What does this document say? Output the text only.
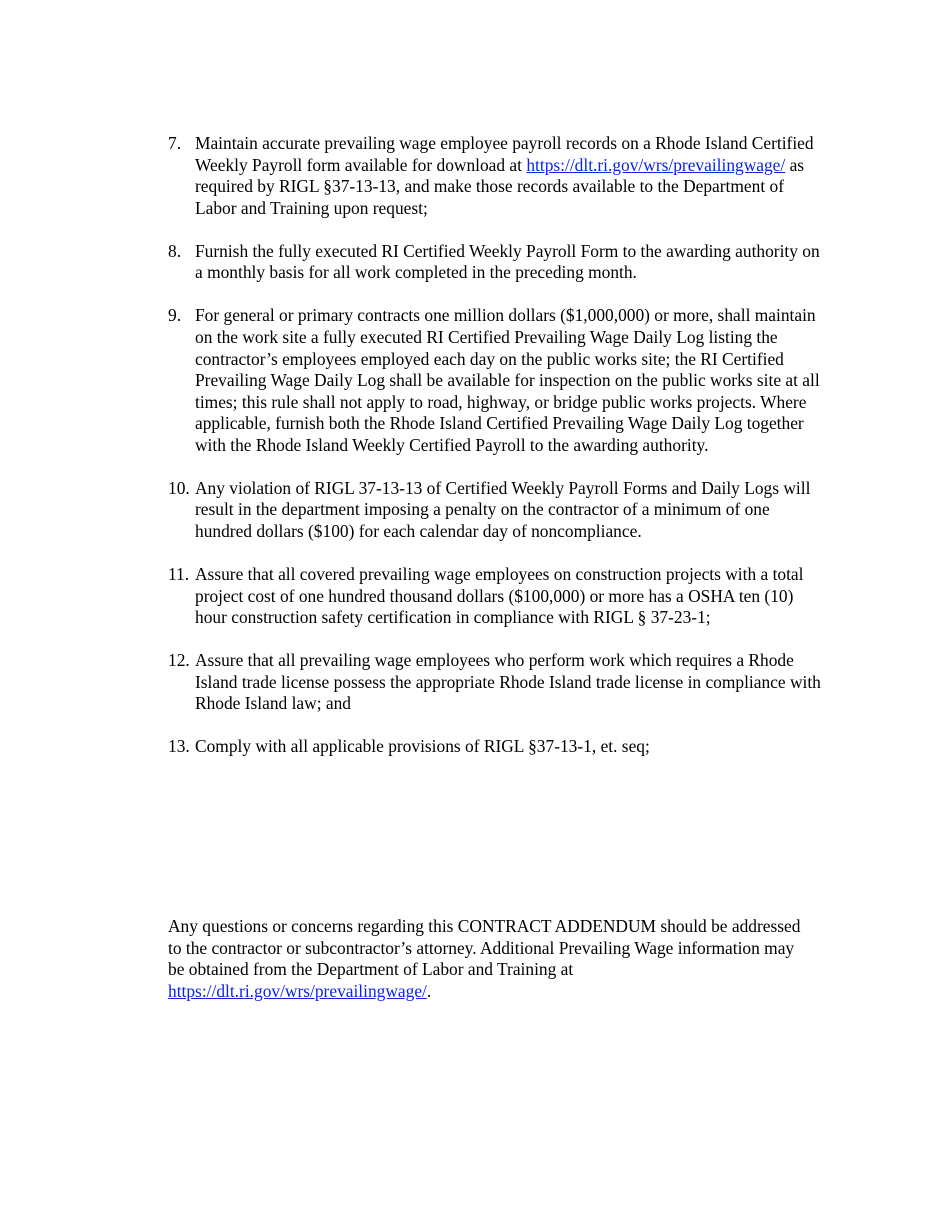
7. Maintain accurate prevailing wage employee payroll records on a Rhode Island Certified Weekly Payroll form available for download at https://dlt.ri.gov/wrs/prevailingwage/ as required by RIGL §37-13-13, and make those records available to the Department of Labor and Training upon request;
8. Furnish the fully executed RI Certified Weekly Payroll Form to the awarding authority on a monthly basis for all work completed in the preceding month.
9. For general or primary contracts one million dollars ($1,000,000) or more, shall maintain on the work site a fully executed RI Certified Prevailing Wage Daily Log listing the contractor’s employees employed each day on the public works site; the RI Certified Prevailing Wage Daily Log shall be available for inspection on the public works site at all times; this rule shall not apply to road, highway, or bridge public works projects. Where applicable, furnish both the Rhode Island Certified Prevailing Wage Daily Log together with the Rhode Island Weekly Certified Payroll to the awarding authority.
10. Any violation of RIGL 37-13-13 of Certified Weekly Payroll Forms and Daily Logs will result in the department imposing a penalty on the contractor of a minimum of one hundred dollars ($100) for each calendar day of noncompliance.
11. Assure that all covered prevailing wage employees on construction projects with a total project cost of one hundred thousand dollars ($100,000) or more has a OSHA ten (10) hour construction safety certification in compliance with RIGL § 37-23-1;
12. Assure that all prevailing wage employees who perform work which requires a Rhode Island trade license possess the appropriate Rhode Island trade license in compliance with Rhode Island law; and
13. Comply with all applicable provisions of RIGL §37-13-1, et. seq;

Any questions or concerns regarding this CONTRACT ADDENDUM should be addressed to the contractor or subcontractor’s attorney. Additional Prevailing Wage information may be obtained from the Department of Labor and Training at https://dlt.ri.gov/wrs/prevailingwage/.
